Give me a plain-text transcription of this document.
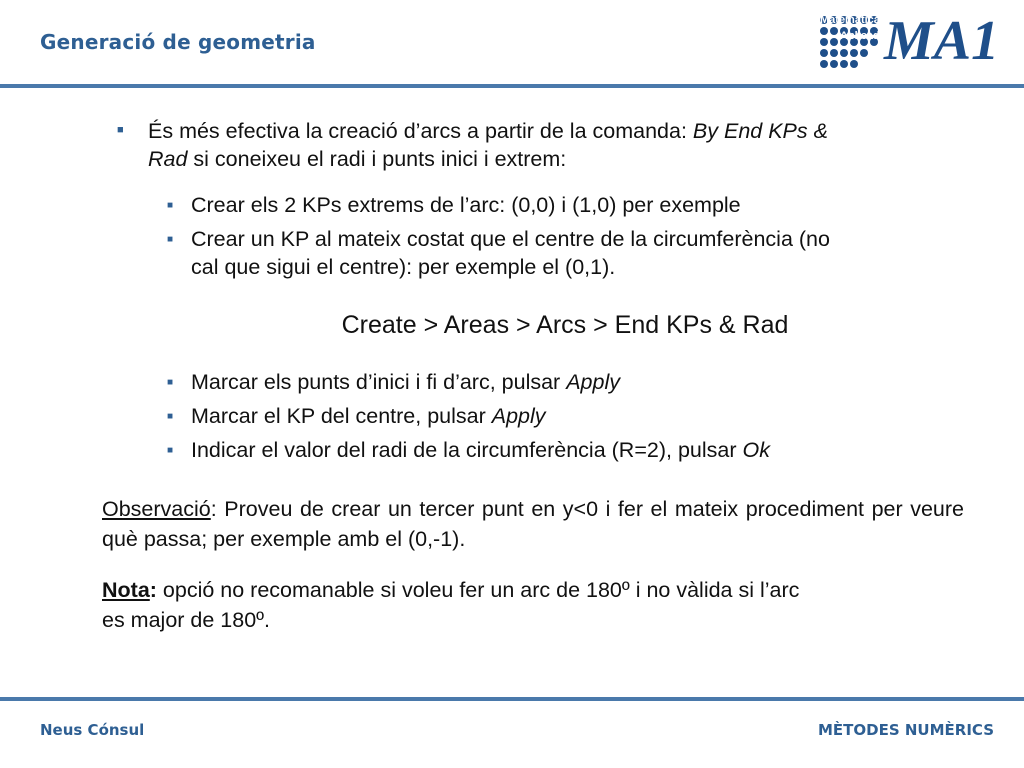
Generació de geometria
Matemàtica
Aplicada
MA1
■ És més efectiva la creació d’arcs a partir de la comanda: By End KPs &
Rad si coneixeu el radi i punts inici i extrem:
■ Crear els 2 KPs extrems de l’arc: (0,0) i (1,0) per exemple
■ Crear un KP al mateix costat que el centre de la circumferència (no
cal que sigui el centre): per exemple el (0,1).
Create > Areas > Arcs > End KPs & Rad
■ Marcar els punts d’inici i fi d’arc, pulsar Apply
■ Marcar el KP del centre, pulsar Apply
■ Indicar el valor del radi de la circumferència (R=2), pulsar Ok
Observació: Proveu de crear un tercer punt en y<0 i fer el mateix procediment per veure què passa; per exemple amb el (0,-1).
Nota: opció no recomanable si voleu fer un arc de 180º i no vàlida si l’arc
es major de 180º.
Neus Cónsul	MÈTODES NUMÈRICS
